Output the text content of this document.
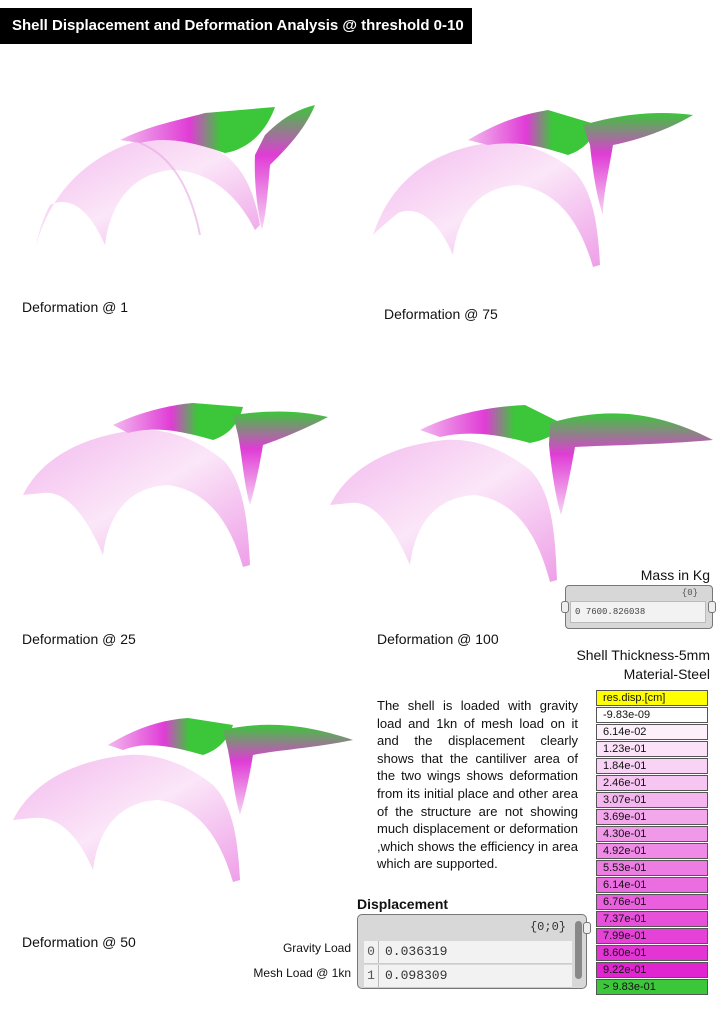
Shell Displacement and Deformation Analysis @ threshold 0-10
Deformation @ 1	Deformation @ 75
Deformation @ 25	Deformation @ 100
Deformation @ 50
Mass in Kg
{0}
0 7600.826038
Shell Thickness-5mm
Material-Steel
The shell is loaded with gravity load and 1kn of mesh load on it and the displacement clearly shows that the cantiliver area of the two wings shows deformation from its initial place and other area of the structure are not showing much displacement or deformation ,which shows the efficiency in area which are supported.
res.disp.[cm]
-9.83e-09
6.14e-02
1.23e-01
1.84e-01
2.46e-01
3.07e-01
3.69e-01
4.30e-01
4.92e-01
5.53e-01
6.14e-01
6.76e-01
7.37e-01
7.99e-01
8.60e-01
9.22e-01
> 9.83e-01
Displacement
{0;0}
0 0.036319
1 0.098309
Gravity Load
Mesh Load @ 1kn
